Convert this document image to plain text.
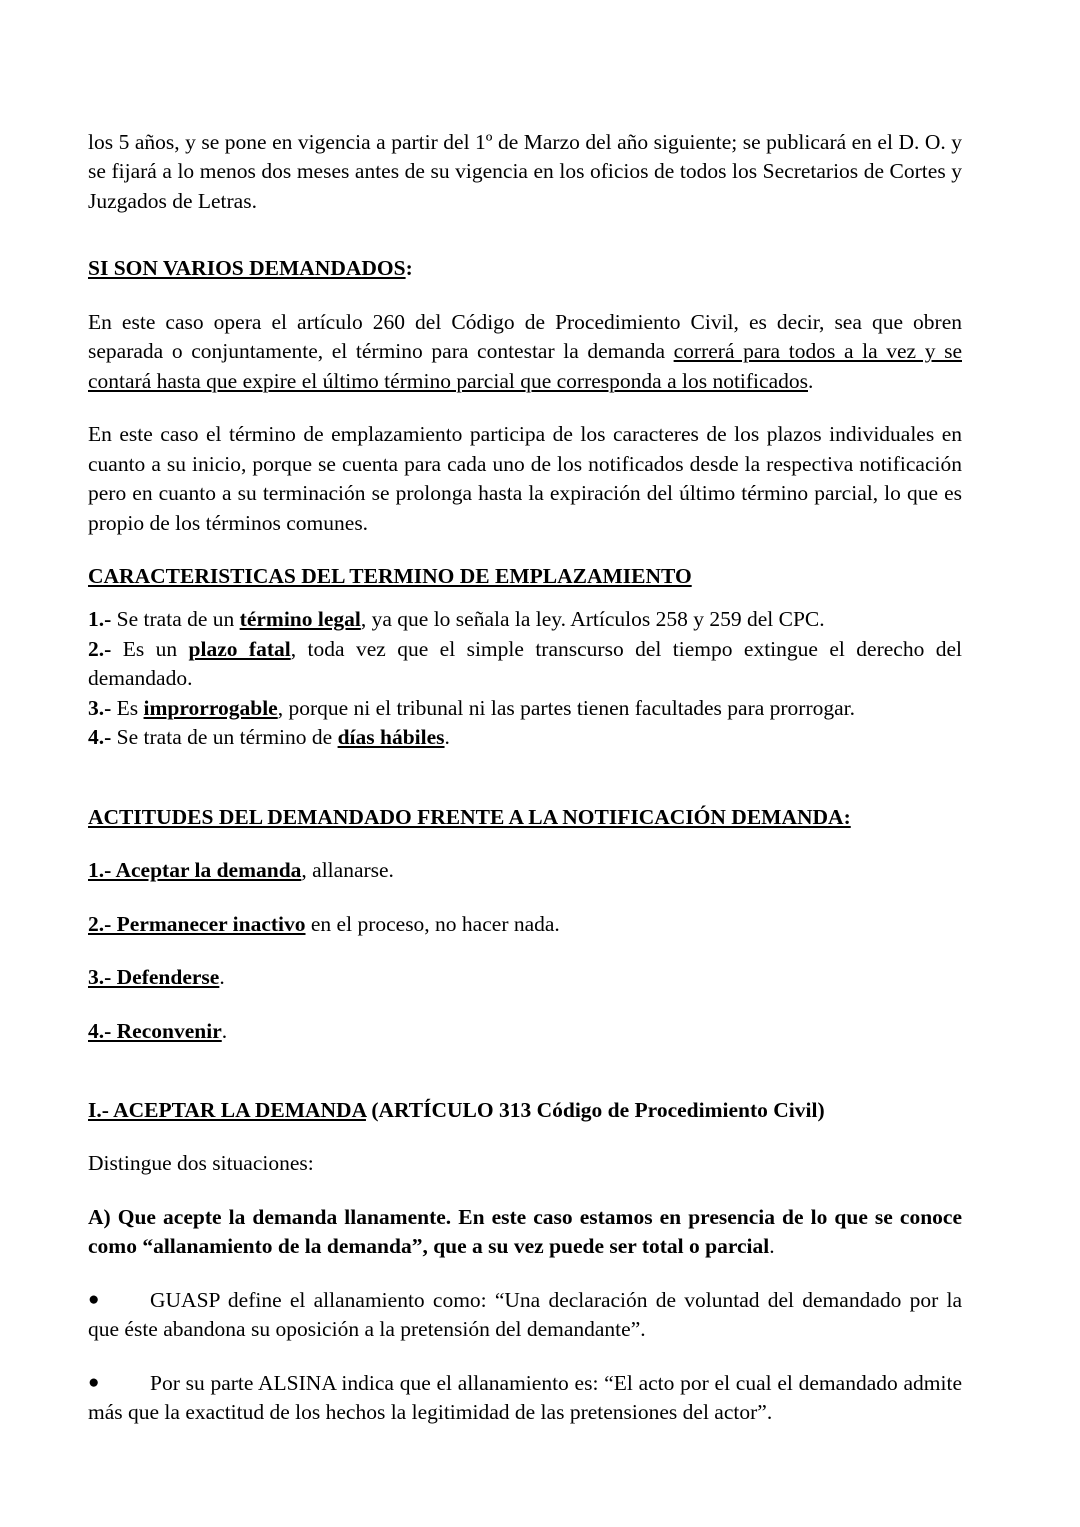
los 5 años, y se pone en vigencia a partir del 1º de Marzo del año siguiente; se publicará en el D. O. y se fijará a lo menos dos meses antes de su vigencia en los oficios de todos los Secretarios de Cortes y Juzgados de Letras.

SI SON VARIOS DEMANDADOS:

En este caso opera el artículo 260 del Código de Procedimiento Civil, es decir, sea que obren separada o conjuntamente, el término para contestar la demanda correrá para todos a la vez y se contará hasta que expire el último término parcial que corresponda a los notificados.

En este caso el término de emplazamiento participa de los caracteres de los plazos individuales en cuanto a su inicio, porque se cuenta para cada uno de los notificados desde la respectiva notificación pero en cuanto a su terminación se prolonga hasta la expiración del último término parcial, lo que es propio de los términos comunes.

CARACTERISTICAS DEL TERMINO DE EMPLAZAMIENTO

1.- Se trata de un término legal, ya que lo señala la ley. Artículos 258 y 259 del CPC.

2.- Es un plazo fatal, toda vez que el simple transcurso del tiempo extingue el derecho del demandado.

3.- Es improrrogable, porque ni el tribunal ni las partes tienen facultades para prorrogar.

4.- Se trata de un término de días hábiles.

ACTITUDES DEL DEMANDADO FRENTE A LA NOTIFICACIÓN DEMANDA:

1.- Aceptar la demanda, allanarse.

2.- Permanecer inactivo en el proceso, no hacer nada.

3.- Defenderse.

4.- Reconvenir.

I.- ACEPTAR LA DEMANDA (ARTÍCULO 313 Código de Procedimiento Civil)

Distingue dos situaciones:

A) Que acepte la demanda llanamente. En este caso estamos en presencia de lo que se conoce como “allanamiento de la demanda”, que a su vez puede ser total o parcial.

●	GUASP define el allanamiento como: “Una declaración de voluntad del demandado por la que éste abandona su oposición a la pretensión del demandante”.

●	Por su parte ALSINA indica que el allanamiento es: “El acto por el cual el demandado admite más que la exactitud de los hechos la legitimidad de las pretensiones del actor”.
